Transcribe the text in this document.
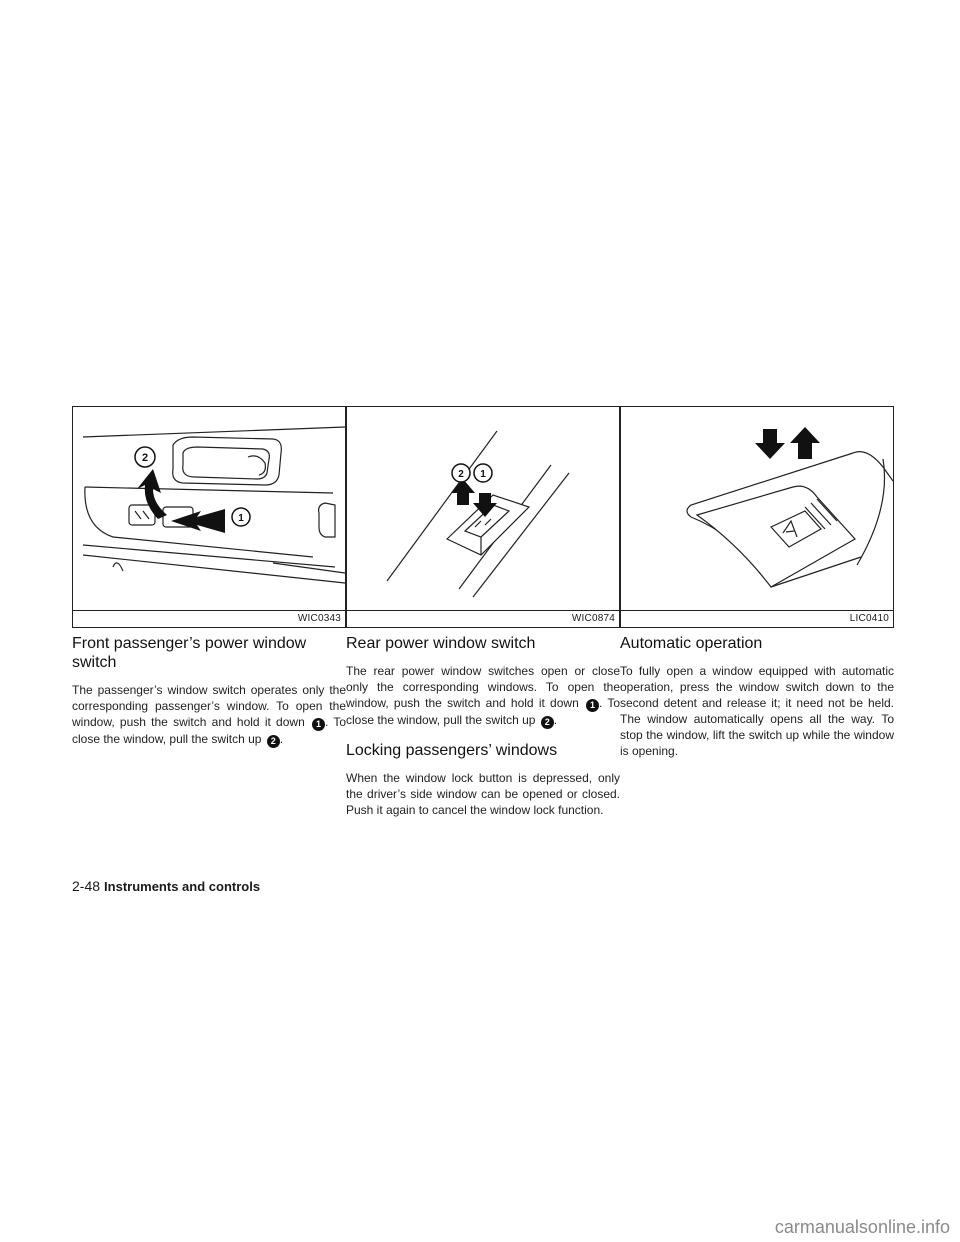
2
1
WIC0343
2 1
WIC0874	LIC0410
Front passenger’s power window switch

The passenger’s window switch operates only the corresponding passenger’s window. To open the window, push the switch and hold it down 1 . To close the window, pull the switch up 2 .

Rear power window switch

The rear power window switches open or close only the corresponding windows. To open the window, push the switch and hold it down 1 . To close the window, pull the switch up 2 .

Locking passengers’ windows

When the window lock button is depressed, only the driver’s side window can be opened or closed. Push it again to cancel the window lock function.

Automatic operation

To fully open a window equipped with automatic operation, press the window switch down to the second detent and release it; it need not be held. The window automatically opens all the way. To stop the window, lift the switch up while the window is opening.

2-48 Instruments and controls
carmanualsonline.info
